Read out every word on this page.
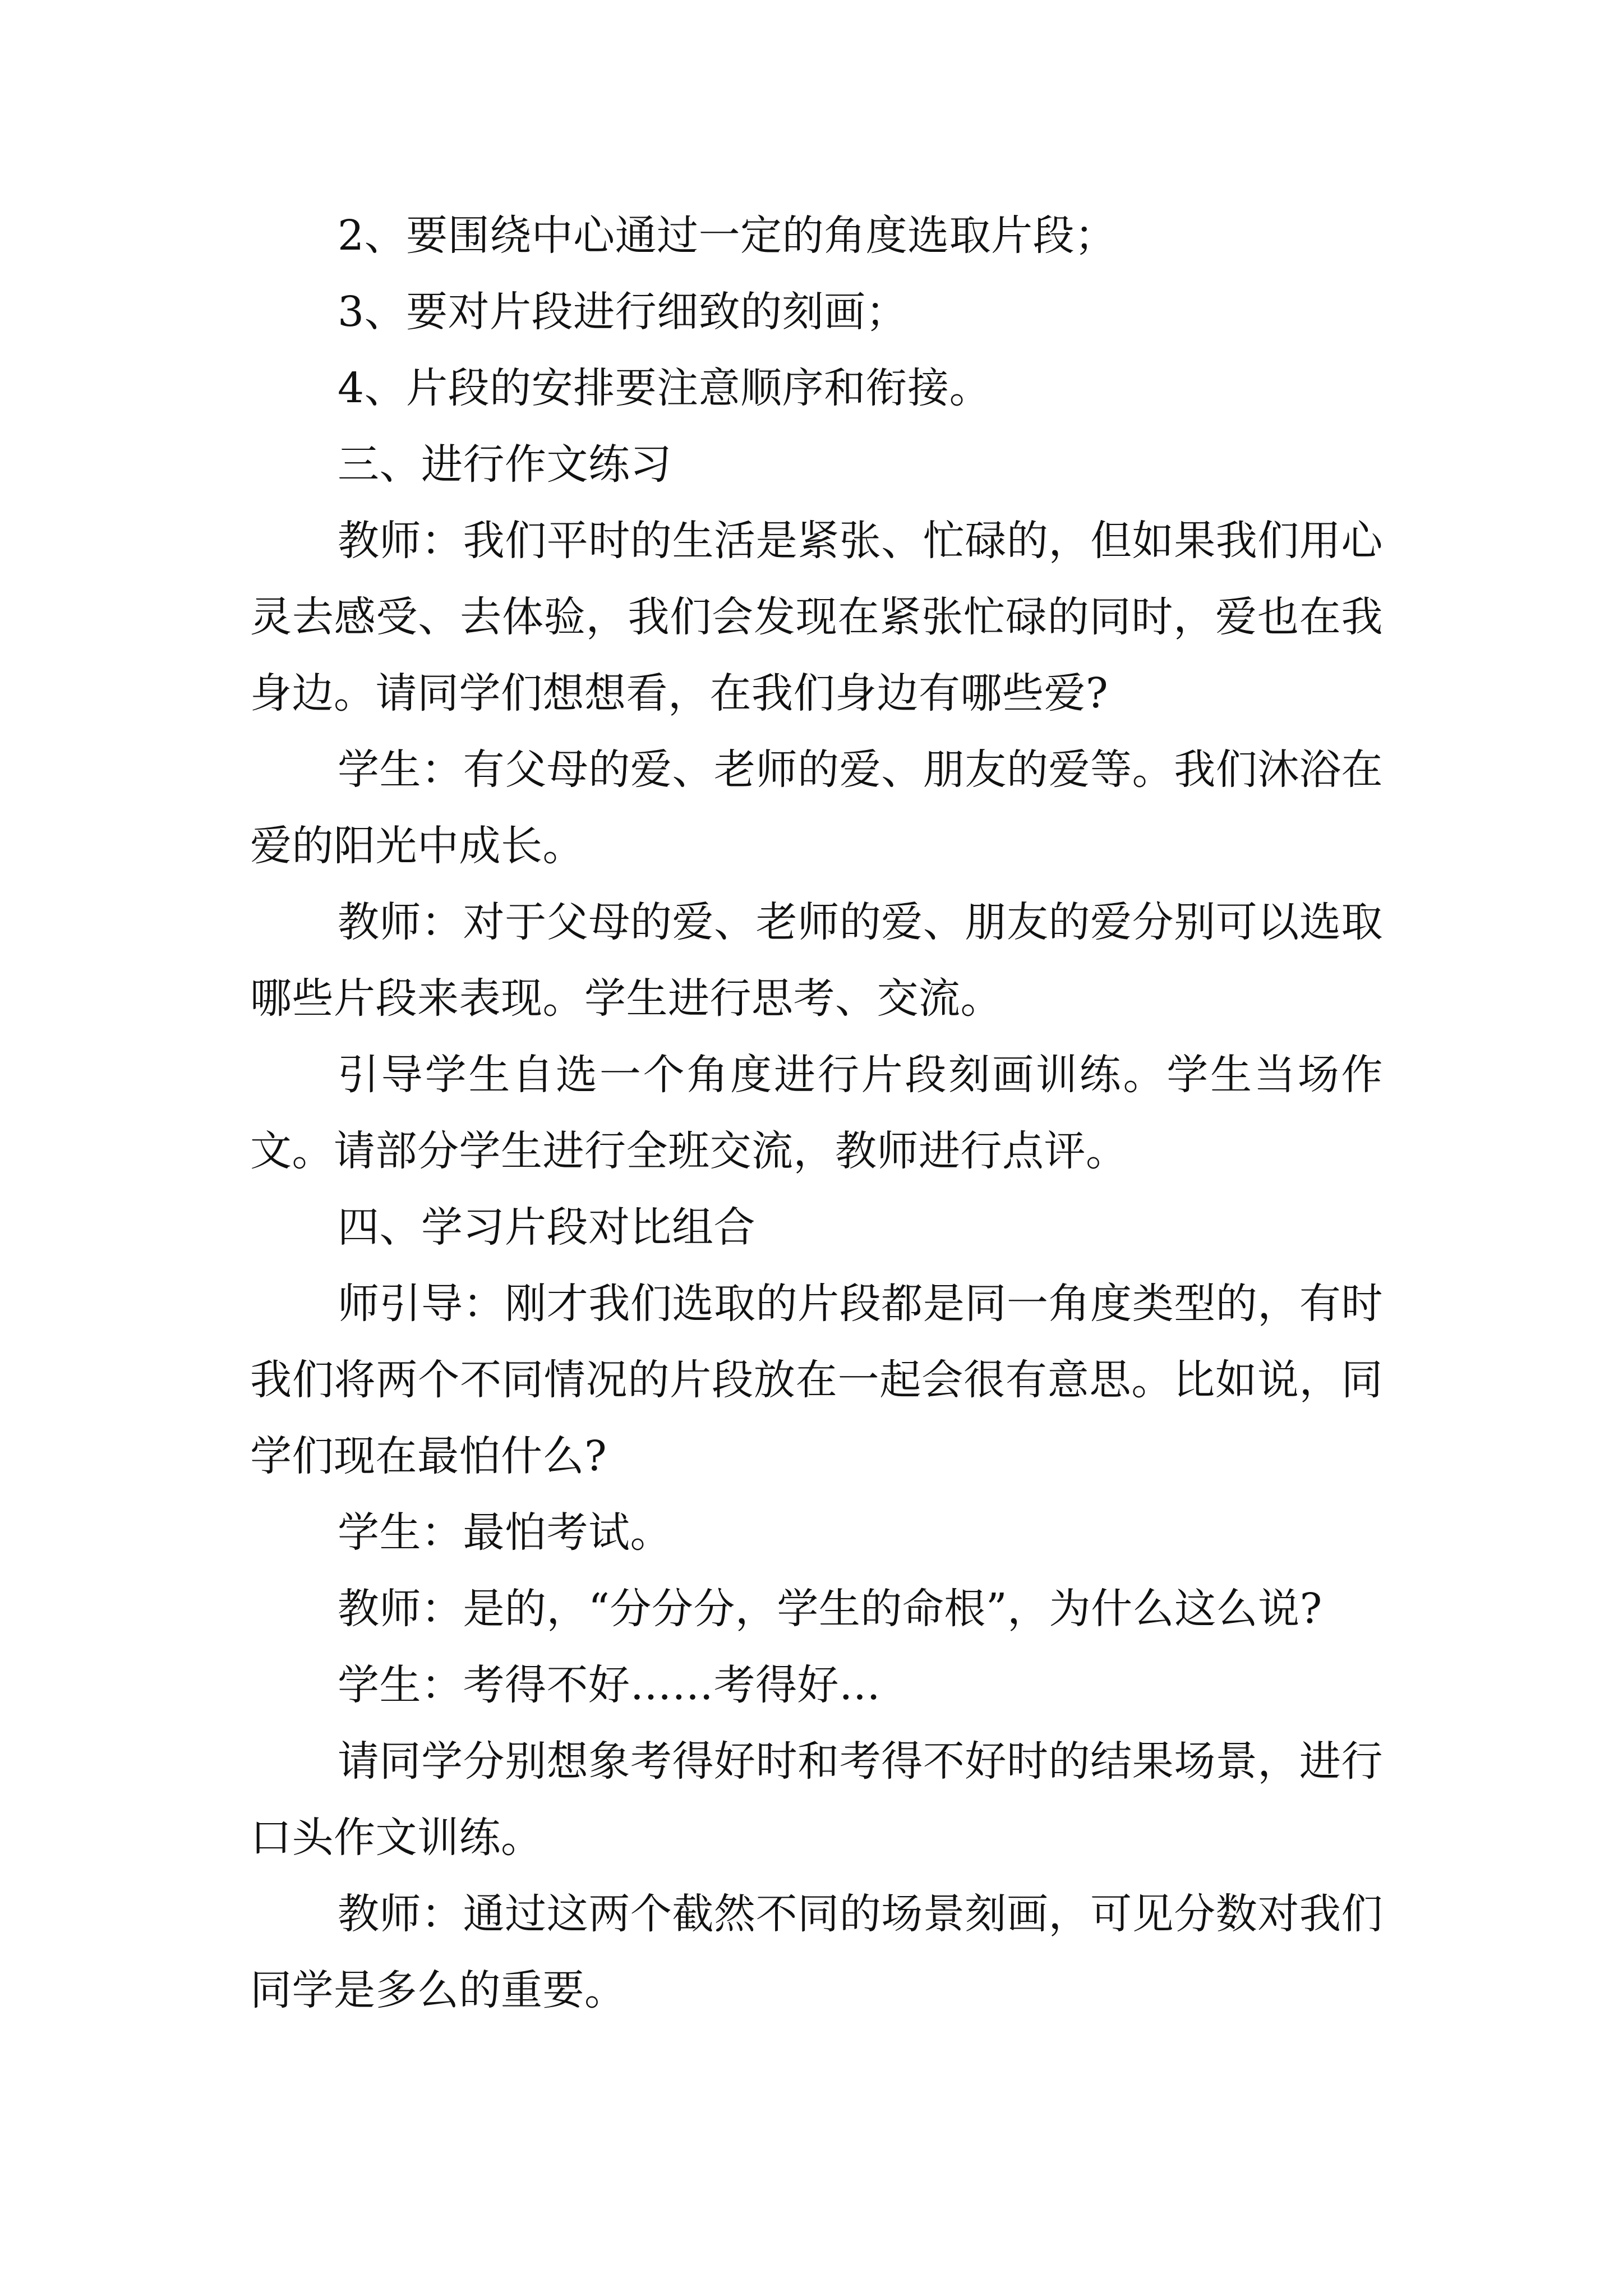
2、要围绕中心通过一定的角度选取片段；

3、要对片段进行细致的刻画；

4、片段的安排要注意顺序和衔接。

三、进行作文练习

教师：我们平时的生活是紧张、忙碌的，但如果我们用心灵去感受、去体验，我们会发现在紧张忙碌的同时，爱也在我身边。请同学们想想看，在我们身边有哪些爱?

学生：有父母的爱、老师的爱、朋友的爱等。我们沐浴在爱的阳光中成长。

教师：对于父母的爱、老师的爱、朋友的爱分别可以选取哪些片段来表现。学生进行思考、交流。

引导学生自选一个角度进行片段刻画训练。学生当场作文。请部分学生进行全班交流，教师进行点评。

四、学习片段对比组合

师引导：刚才我们选取的片段都是同一角度类型的，有时我们将两个不同情况的片段放在一起会很有意思。比如说，同学们现在最怕什么?

学生：最怕考试。

教师：是的，“分分分，学生的命根”，为什么这么说?

学生：考得不好……考得好…

请同学分别想象考得好时和考得不好时的结果场景，进行口头作文训练。

教师：通过这两个截然不同的场景刻画，可见分数对我们同学是多么的重要。
